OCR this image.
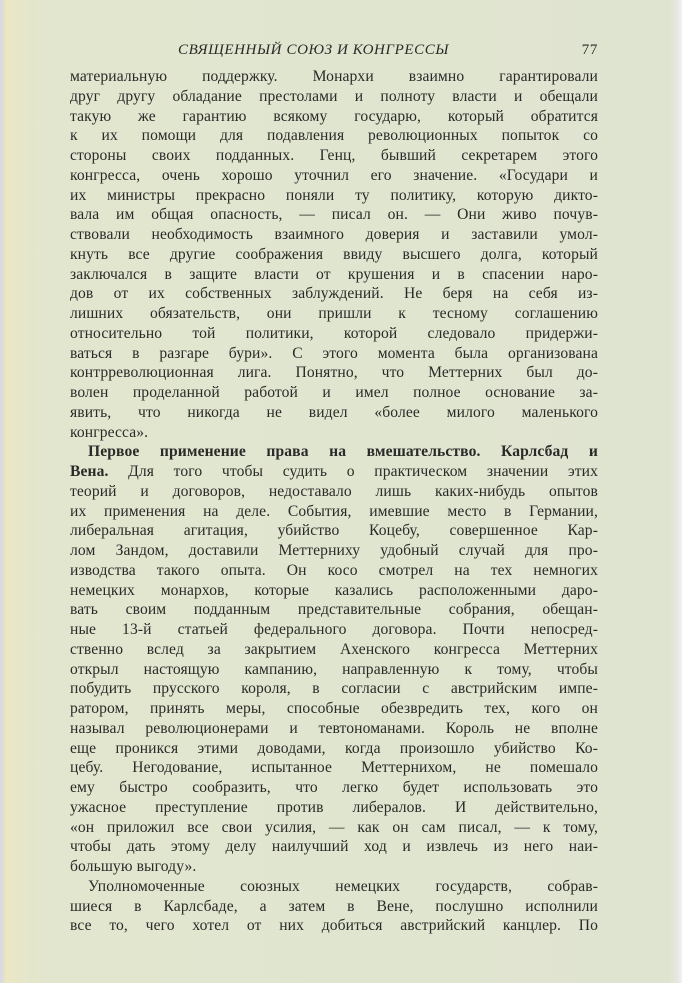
СВЯЩЕННЫЙ СОЮЗ И КОНГРЕССЫ	77
материальную поддержку. Монархи взаимно гарантировали
друг другу обладание престолами и полноту власти и обещали
такую же гарантию всякому государю, который обратится
к их помощи для подавления революционных попыток со
стороны своих подданных. Генц, бывший секретарем этого
конгресса, очень хорошо уточнил его значение. «Государи и
их министры прекрасно поняли ту политику, которую дикто-
вала им общая опасность, — писал он. — Они живо почув-
ствовали необходимость взаимного доверия и заставили умол-
кнуть все другие соображения ввиду высшего долга, который
заключался в защите власти от крушения и в спасении наро-
дов от их собственных заблуждений. Не беря на себя из-
лишних обязательств, они пришли к тесному соглашению
относительно той политики, которой следовало придержи-
ваться в разгаре бури». С этого момента была организована
контрреволюционная лига. Понятно, что Меттерних был до-
волен проделанной работой и имел полное основание за-
явить, что никогда не видел «более милого маленького
конгресса».
Первое применение права на вмешательство. Карлсбад и
Вена. Для того чтобы судить о практическом значении этих
теорий и договоров, недоставало лишь каких-нибудь опытов
их применения на деле. События, имевшие место в Германии,
либеральная агитация, убийство Коцебу, совершенное Кар-
лом Зандом, доставили Меттерниху удобный случай для про-
изводства такого опыта. Он косо смотрел на тех немногих
немецких монархов, которые казались расположенными даро-
вать своим подданным представительные собрания, обещан-
ные 13-й статьей федерального договора. Почти непосред-
ственно вслед за закрытием Ахенского конгресса Меттерних
открыл настоящую кампанию, направленную к тому, чтобы
побудить прусского короля, в согласии с австрийским импе-
ратором, принять меры, способные обезвредить тех, кого он
называл революционерами и тевтономанами. Король не вполне
еще проникся этими доводами, когда произошло убийство Ко-
цебу. Негодование, испытанное Меттернихом, не помешало
ему быстро сообразить, что легко будет использовать это
ужасное преступление против либералов. И действительно,
«он приложил все свои усилия, — как он сам писал, — к тому,
чтобы дать этому делу наилучший ход и извлечь из него наи-
большую выгоду».
Уполномоченные союзных немецких государств, собрав-
шиеся в Карлсбаде, а затем в Вене, послушно исполнили
все то, чего хотел от них добиться австрийский канцлер. По
